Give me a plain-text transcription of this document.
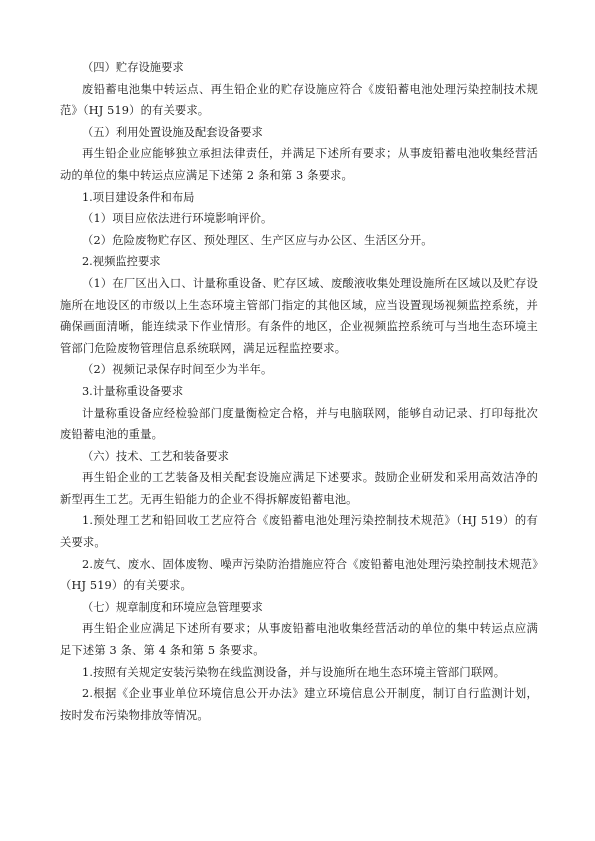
（四）贮存设施要求

废铅蓄电池集中转运点、再生铅企业的贮存设施应符合《废铅蓄电池处理污染控制技术规范》（HJ 519）的有关要求。

（五）利用处置设施及配套设备要求

再生铅企业应能够独立承担法律责任，并满足下述所有要求；从事废铅蓄电池收集经营活动的单位的集中转运点应满足下述第 2 条和第 3 条要求。

1.项目建设条件和布局

（1）项目应依法进行环境影响评价。

（2）危险废物贮存区、预处理区、生产区应与办公区、生活区分开。

2.视频监控要求

（1）在厂区出入口、计量称重设备、贮存区域、废酸液收集处理设施所在区域以及贮存设施所在地设区的市级以上生态环境主管部门指定的其他区域，应当设置现场视频监控系统，并确保画面清晰，能连续录下作业情形。有条件的地区，企业视频监控系统可与当地生态环境主管部门危险废物管理信息系统联网，满足远程监控要求。

（2）视频记录保存时间至少为半年。

3.计量称重设备要求

计量称重设备应经检验部门度量衡检定合格，并与电脑联网，能够自动记录、打印每批次废铅蓄电池的重量。

（六）技术、工艺和装备要求

再生铅企业的工艺装备及相关配套设施应满足下述要求。鼓励企业研发和采用高效洁净的新型再生工艺。无再生铅能力的企业不得拆解废铅蓄电池。

1.预处理工艺和铅回收工艺应符合《废铅蓄电池处理污染控制技术规范》（HJ 519）的有关要求。

2.废气、废水、固体废物、噪声污染防治措施应符合《废铅蓄电池处理污染控制技术规范》（HJ 519）的有关要求。

（七）规章制度和环境应急管理要求

再生铅企业应满足下述所有要求；从事废铅蓄电池收集经营活动的单位的集中转运点应满足下述第 3 条、第 4 条和第 5 条要求。

1.按照有关规定安装污染物在线监测设备，并与设施所在地生态环境主管部门联网。

2.根据《企业事业单位环境信息公开办法》建立环境信息公开制度，制订自行监测计划，按时发布污染物排放等情况。
